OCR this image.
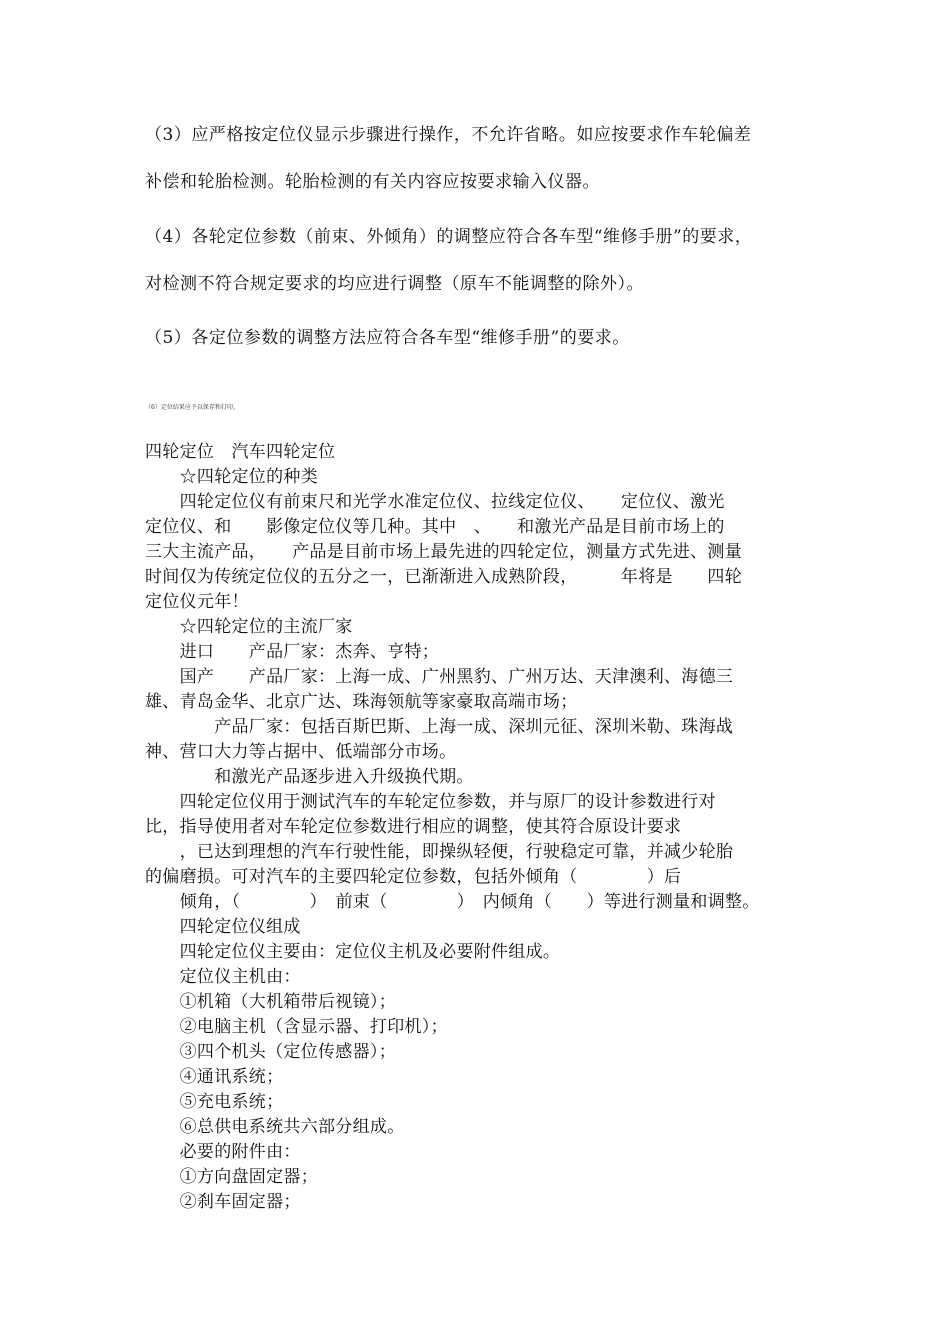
（3）应严格按定位仪显示步骤进行操作，不允许省略。如应按要求作车轮偏差

补偿和轮胎检测。轮胎检测的有关内容应按要求输入仪器。

（4）各轮定位参数（前束、外倾角）的调整应符合各车型“维修手册”的要求，

对检测不符合规定要求的均应进行调整（原车不能调整的除外）。

（5）各定位参数的调整方法应符合各车型“维修手册”的要求。

（6）定位结果应予以保存和打印。
四轮定位　汽车四轮定位
　　☆四轮定位的种类
　　四轮定位仪有前束尺和光学水准定位仪、拉线定位仪、　　定位仪、激光
定位仪、和　　影像定位仪等几种。其中　、　　和激光产品是目前市场上的
三大主流产品，　　产品是目前市场上最先进的四轮定位，测量方式先进、测量
时间仅为传统定位仪的五分之一，已渐渐进入成熟阶段，　　　年将是　　四轮
定位仪元年！
　　☆四轮定位的主流厂家
　　进口　　产品厂家：杰奔、亨特；
　　国产　　产品厂家：上海一成、广州黑豹、广州万达、天津澳利、海德三
雄、青岛金华、北京广达、珠海领航等家豪取高端市场；
　　　　产品厂家：包括百斯巴斯、上海一成、深圳元征、深圳米勒、珠海战
神、营口大力等占据中、低端部分市场。
　　　　和激光产品逐步进入升级换代期。
　　四轮定位仪用于测试汽车的车轮定位参数，并与原厂的设计参数进行对
比，指导使用者对车轮定位参数进行相应的调整，使其符合原设计要求
　　，已达到理想的汽车行驶性能，即操纵轻便，行驶稳定可靠，并减少轮胎
的偏磨损。可对汽车的主要四轮定位参数，包括外倾角（　　　　）后
　　倾角，（　　　　）　前束（　　　　）　内倾角（　　）等进行测量和调整。
　　四轮定位仪组成
　　四轮定位仪主要由：定位仪主机及必要附件组成。
　　定位仪主机由：
　　①机箱（大机箱带后视镜）；
　　②电脑主机（含显示器、打印机）；
　　③四个机头（定位传感器）；
　　④通讯系统；
　　⑤充电系统；
　　⑥总供电系统共六部分组成。
　　必要的附件由：
　　①方向盘固定器；
　　②刹车固定器；
